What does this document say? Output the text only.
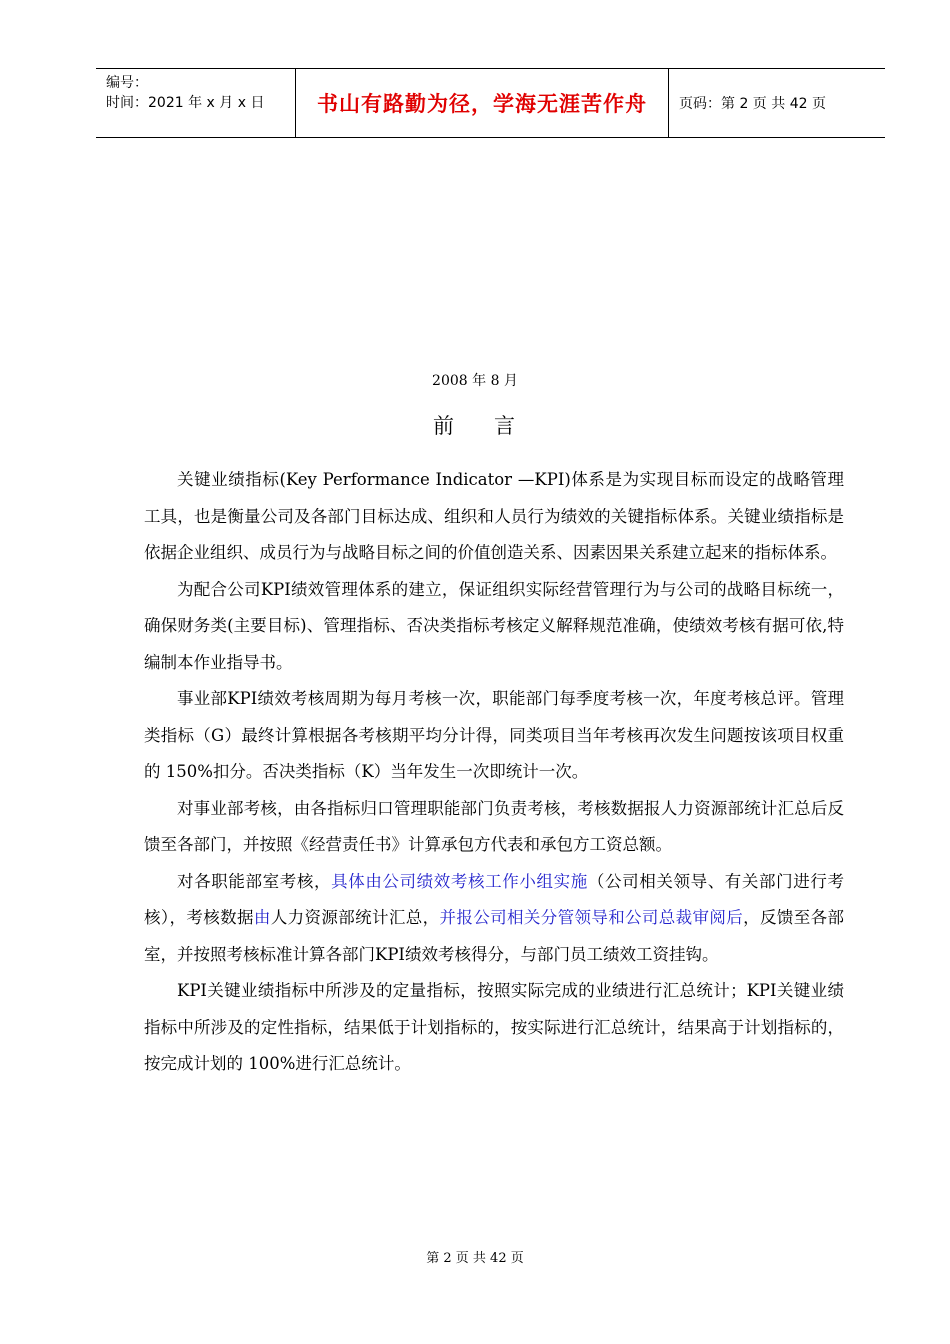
编号：
时间：2021 年 x 月 x 日	书山有路勤为径，学海无涯苦作舟	页码：第 2 页 共 42 页
2008 年 8 月
前 言

关键业绩指标(Key Performance Indicator —KPI)体系是为实现目标而设定的战略管理工具，也是衡量公司及各部门目标达成、组织和人员行为绩效的关键指标体系。关键业绩指标是依据企业组织、成员行为与战略目标之间的价值创造关系、因素因果关系建立起来的指标体系。

为配合公司KPI绩效管理体系的建立，保证组织实际经营管理行为与公司的战略目标统一，确保财务类(主要目标)、管理指标、否决类指标考核定义解释规范准确，使绩效考核有据可依,特编制本作业指导书。

事业部KPI绩效考核周期为每月考核一次，职能部门每季度考核一次，年度考核总评。管理类指标（G）最终计算根据各考核期平均分计得，同类项目当年考核再次发生问题按该项目权重的 150%扣分。否决类指标（K）当年发生一次即统计一次。

对事业部考核，由各指标归口管理职能部门负责考核，考核数据报人力资源部统计汇总后反馈至各部门，并按照《经营责任书》计算承包方代表和承包方工资总额。

对各职能部室考核，具体由公司绩效考核工作小组实施（公司相关领导、有关部门进行考核），考核数据由人力资源部统计汇总，并报公司相关分管领导和公司总裁审阅后，反馈至各部室，并按照考核标准计算各部门KPI绩效考核得分，与部门员工绩效工资挂钩。

KPI关键业绩指标中所涉及的定量指标，按照实际完成的业绩进行汇总统计；KPI关键业绩指标中所涉及的定性指标，结果低于计划指标的，按实际进行汇总统计，结果高于计划指标的，按完成计划的 100%进行汇总统计。

第 2 页 共 42 页
